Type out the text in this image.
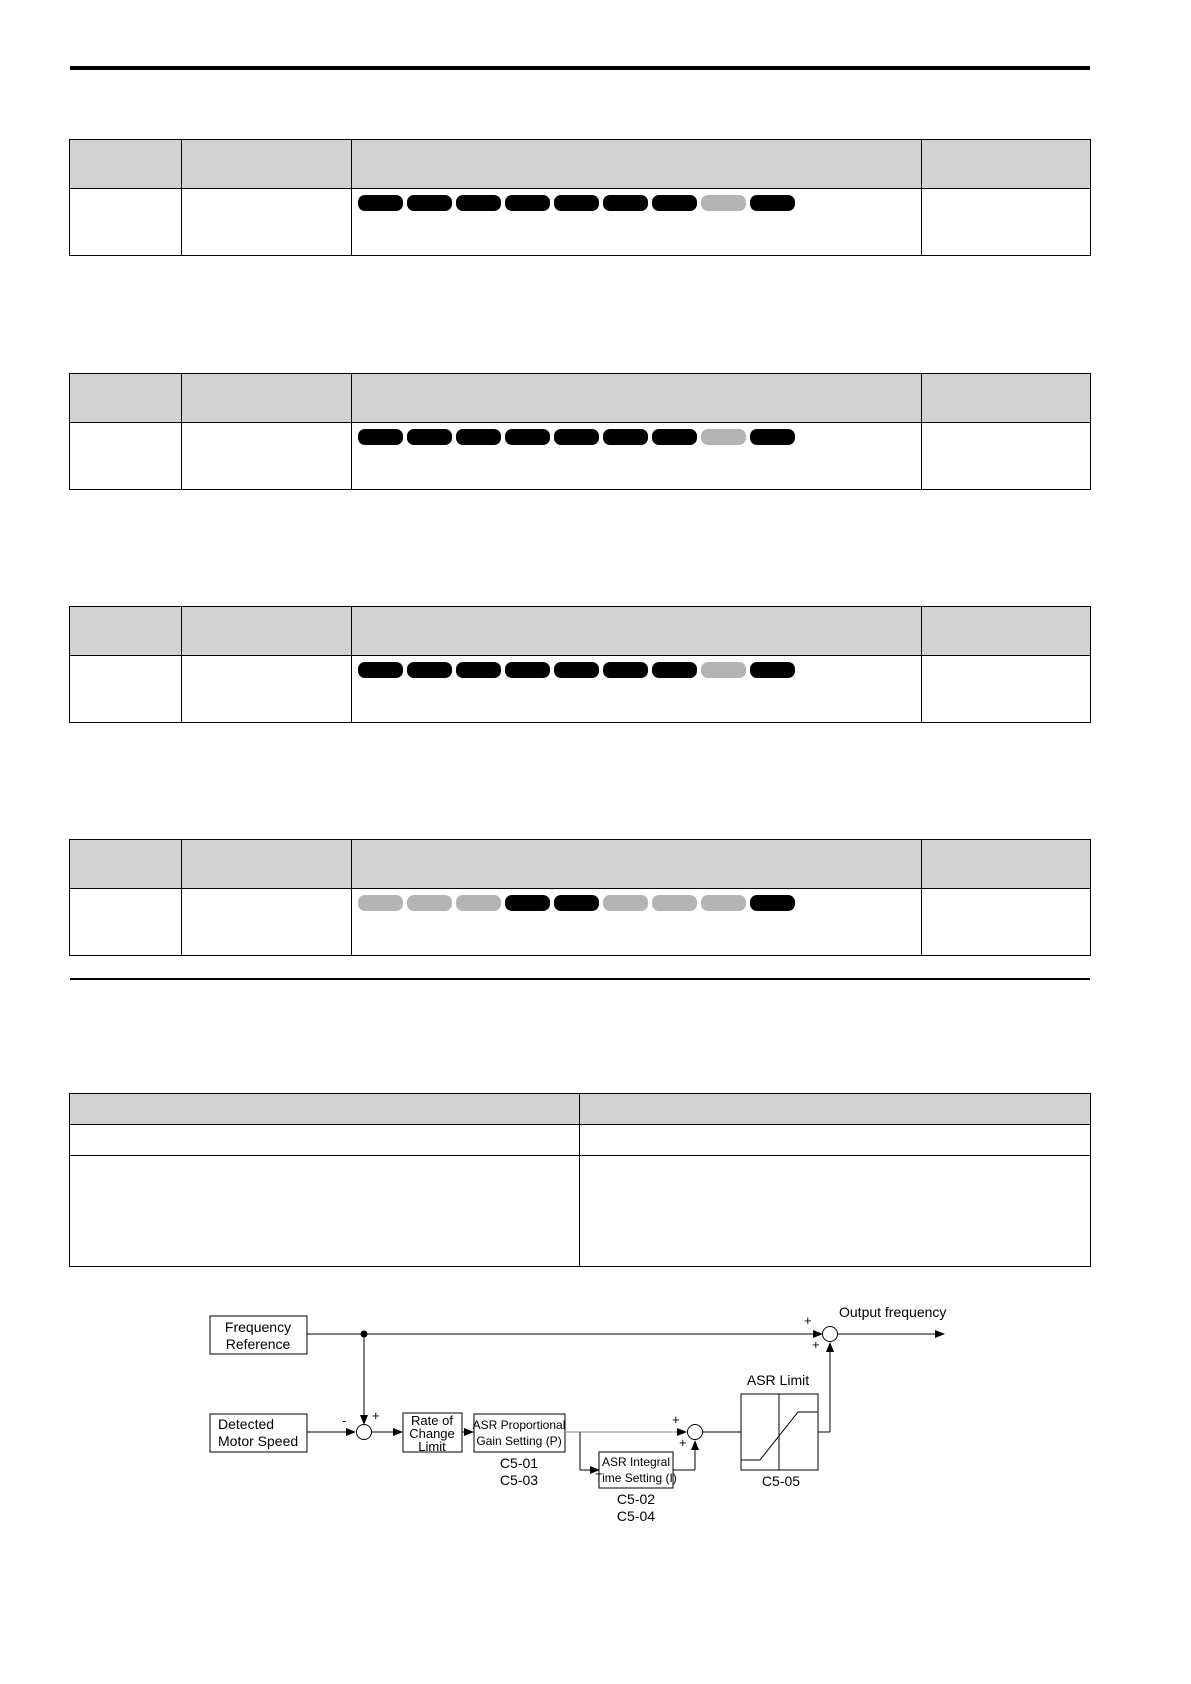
Frequency
Reference
Detected
Motor Speed
- + Rate of
Change
Limit
ASR Proportional
Gain Setting (P)
C5-01
C5-03
ASR Integral
Time Setting (I)
C5-02
C5-04
+
+
ASR Limit
C5-05
+
+
Output frequency
